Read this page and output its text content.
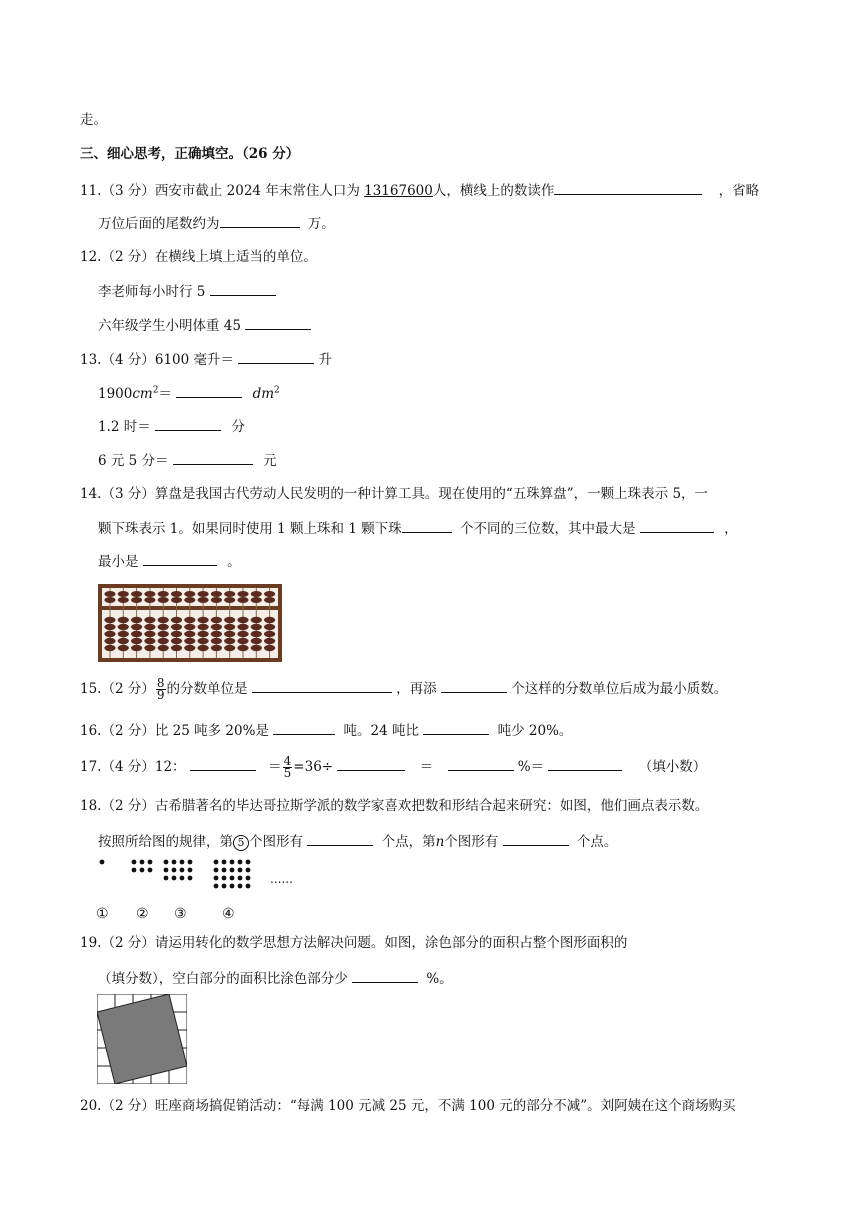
走。
三、细心思考，正确填空。（26 分）
11.（3 分）西安市截止 2024 年末常住人口为 13167600人，横线上的数读作	，省略
万位后面的尾数约为	万。
12.（2 分）在横线上填上适当的单位。
李老师每小时行 5
六年级学生小明体重 45
13.（4 分）6100 毫升＝	升
$1900cm^2=$	$dm^2$
1.2 时＝	分
6 元 5 分＝	元
14.（3 分）算盘是我国古代劳动人民发明的一种计算工具。现在使用的“五珠算盘”，一颗上珠表示 5，一
颗下珠表示 1。如果同时使用 1 颗上珠和 1 颗下珠	个不同的三位数，其中最大是	，
最小是	。
15.（2 分） $\frac{8}{9}$ 的分数单位是	，再添	个这样的分数单位后成为最小质数。
16.（2 分）比 25 吨多 20%是	吨。24 吨比	吨少 20%。
17.（4 分）12：	＝ $\frac{4}{5} =36\div$	＝	%＝	（填小数）
18.（2 分）古希腊著名的毕达哥拉斯学派的数学家喜欢把数和形结合起来研究：如图，他们画点表示数。
按照所给图的规律，第 5 个图形有	个点，第n个图形有	个点。
......
① ② ③	④
19.（2 分）请运用转化的数学思想方法解决问题。如图，涂色部分的面积占整个图形面积的
（填分数），空白部分的面积比涂色部分少	%。
20.（2 分）旺座商场搞促销活动：“每满 100 元减 25 元，不满 100 元的部分不减”。刘阿姨在这个商场购买
